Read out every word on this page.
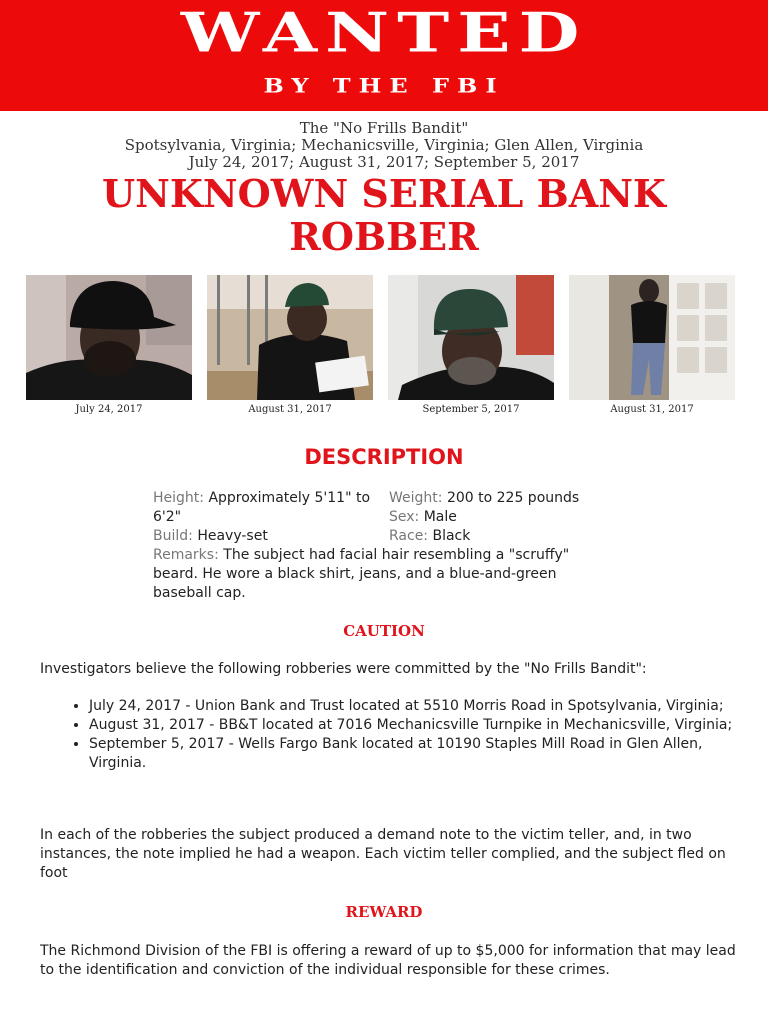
WANTED
BY THE FBI
The "No Frills Bandit"
Spotsylvania, Virginia; Mechanicsville, Virginia; Glen Allen, Virginia
July 24, 2017; August 31, 2017; September 5, 2017
UNKNOWN SERIAL BANK ROBBER
July 24, 2017	August 31, 2017	September 5, 2017	August 31, 2017
DESCRIPTION
Height: Approximately 5'11" to 6'2"
Weight: 200 to 225 pounds
Sex: Male
Build: Heavy-set	Race: Black
Remarks: The subject had facial hair resembling a "scruffy" beard. He wore a black shirt, jeans, and a blue-and-green baseball cap.
CAUTION
Investigators believe the following robberies were committed by the "No Frills Bandit":
• July 24, 2017 - Union Bank and Trust located at 5510 Morris Road in Spotsylvania, Virginia;
• August 31, 2017 - BB&T located at 7016 Mechanicsville Turnpike in Mechanicsville, Virginia;
• September 5, 2017 - Wells Fargo Bank located at 10190 Staples Mill Road in Glen Allen, Virginia.
In each of the robberies the subject produced a demand note to the victim teller, and, in two instances, the note implied he had a weapon. Each victim teller complied, and the subject fled on foot
REWARD
The Richmond Division of the FBI is offering a reward of up to $5,000 for information that may lead to the identification and conviction of the individual responsible for these crimes.
